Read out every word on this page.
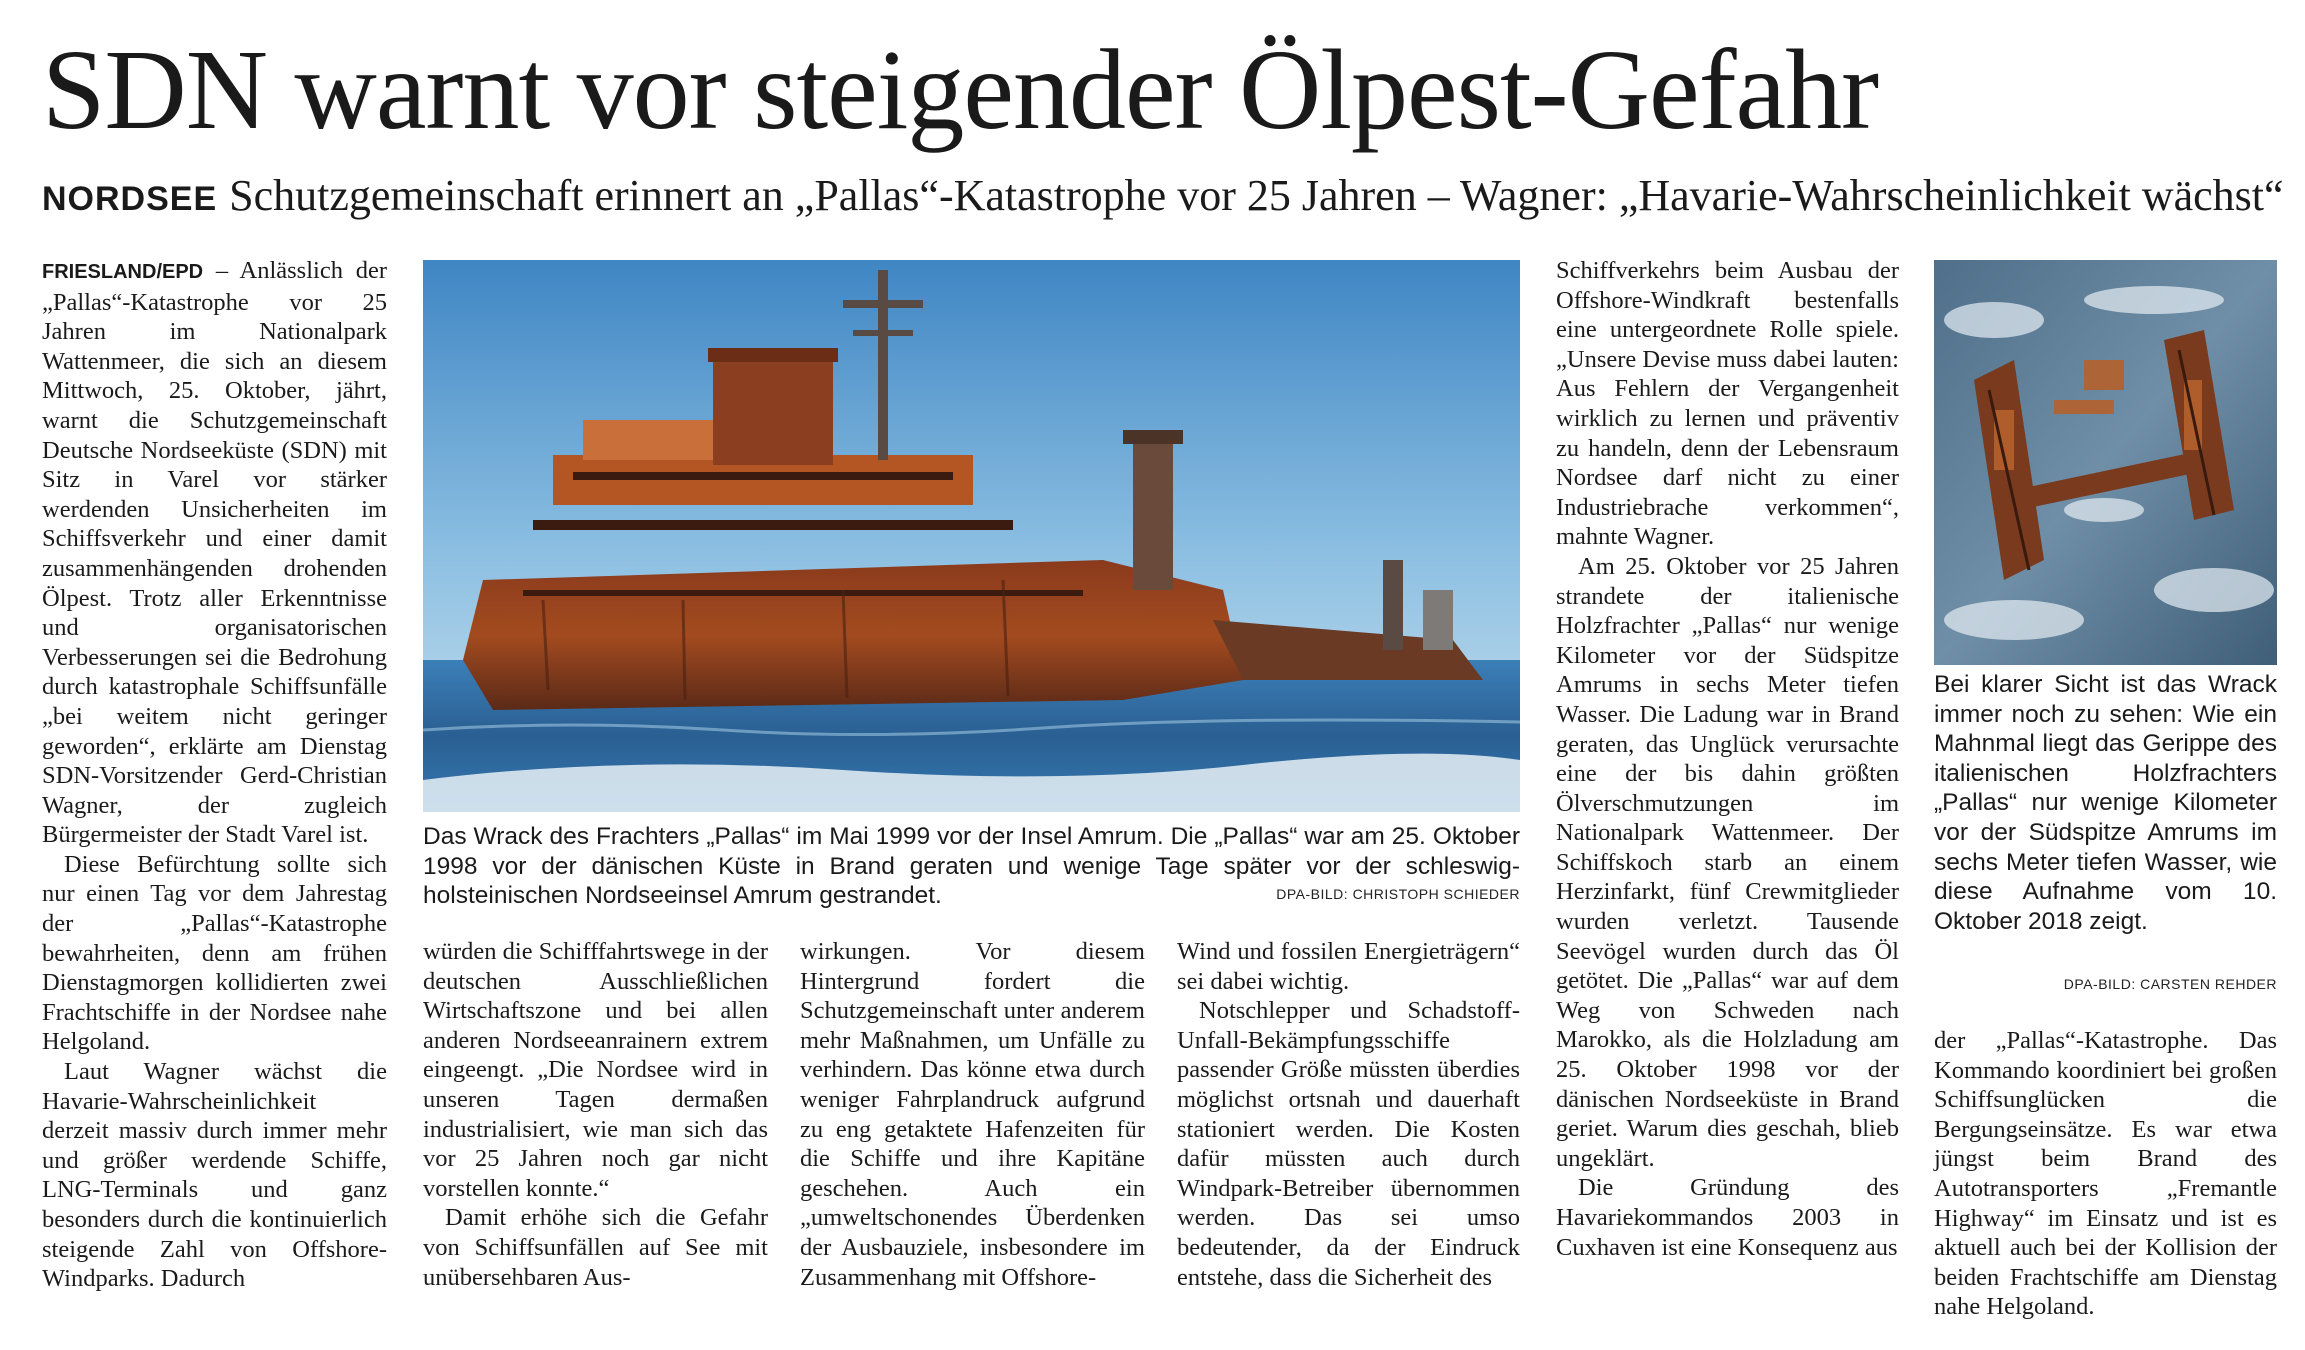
SDN warnt vor steigender Ölpest-Gefahr
NORDSEE Schutzgemeinschaft erinnert an „Pallas“-Katastrophe vor 25 Jahren – Wagner: „Havarie-Wahrscheinlichkeit wächst“

FRIESLAND/EPD – Anlässlich der „Pallas“-Katastrophe vor 25 Jahren im Nationalpark Wattenmeer, die sich an diesem Mittwoch, 25. Oktober, jährt, warnt die Schutzgemeinschaft Deutsche Nordseeküste (SDN) mit Sitz in Varel vor stärker werdenden Unsicherheiten im Schiffsverkehr und einer damit zusammenhängenden drohenden Ölpest. Trotz aller Erkenntnisse und organisatorischen Verbesserungen sei die Bedrohung durch katastrophale Schiffsunfälle „bei weitem nicht geringer geworden“, erklärte am Dienstag SDN-Vorsitzender Gerd-Christian Wagner, der zugleich Bürgermeister der Stadt Varel ist.

Diese Befürchtung sollte sich nur einen Tag vor dem Jahrestag der „Pallas“-Katastrophe bewahrheiten, denn am frühen Dienstagmorgen kollidierten zwei Frachtschiffe in der Nordsee nahe Helgoland.

Laut Wagner wächst die Havarie-Wahrscheinlichkeit derzeit massiv durch immer mehr und größer werdende Schiffe, LNG-Terminals und ganz besonders durch die kontinuierlich steigende Zahl von Offshore-Windparks. Dadurch

Das Wrack des Frachters „Pallas“ im Mai 1999 vor der Insel Amrum. Die „Pallas“ war am 25. Oktober 1998 vor der dänischen Küste in Brand geraten und wenige Tage später vor der schleswig-holsteinischen Nordseeinsel Amrum gestrandet.	DPA-BILD: CHRISTOPH SCHIEDER

würden die Schifffahrtswege in der deutschen Ausschließlichen Wirtschaftszone und bei allen anderen Nordseeanrainern extrem eingeengt. „Die Nordsee wird in unseren Tagen dermaßen industrialisiert, wie man sich das vor 25 Jahren noch gar nicht vorstellen konnte.“

Damit erhöhe sich die Gefahr von Schiffsunfällen auf See mit unübersehbaren Aus-

wirkungen. Vor diesem Hintergrund fordert die Schutzgemeinschaft unter anderem mehr Maßnahmen, um Unfälle zu verhindern. Das könne etwa durch weniger Fahrplandruck aufgrund zu eng getaktete Hafenzeiten für die Schiffe und ihre Kapitäne geschehen. Auch ein „umweltschonendes Überdenken der Ausbauziele, insbesondere im Zusammenhang mit Offshore-

Wind und fossilen Energieträgern“ sei dabei wichtig.

Notschlepper und Schadstoff-Unfall-Bekämpfungsschiffe passender Größe müssten überdies möglichst ortsnah und dauerhaft stationiert werden. Die Kosten dafür müssten auch durch Windpark-Betreiber übernommen werden. Das sei umso bedeutender, da der Eindruck entstehe, dass die Sicherheit des

Schiffverkehrs beim Ausbau der Offshore-Windkraft bestenfalls eine untergeordnete Rolle spiele. „Unsere Devise muss dabei lauten: Aus Fehlern der Vergangenheit wirklich zu lernen und präventiv zu handeln, denn der Lebensraum Nordsee darf nicht zu einer Industriebrache verkommen“, mahnte Wagner.

Am 25. Oktober vor 25 Jahren strandete der italienische Holzfrachter „Pallas“ nur wenige Kilometer vor der Südspitze Amrums in sechs Meter tiefen Wasser. Die Ladung war in Brand geraten, das Unglück verursachte eine der bis dahin größten Ölverschmutzungen im Nationalpark Wattenmeer. Der Schiffskoch starb an einem Herzinfarkt, fünf Crewmitglieder wurden verletzt. Tausende Seevögel wurden durch das Öl getötet. Die „Pallas“ war auf dem Weg von Schweden nach Marokko, als die Holzladung am 25. Oktober 1998 vor der dänischen Nordseeküste in Brand geriet. Warum dies geschah, blieb ungeklärt.

Die Gründung des Havariekommandos 2003 in Cuxhaven ist eine Konsequenz aus

Bei klarer Sicht ist das Wrack immer noch zu sehen: Wie ein Mahnmal liegt das Gerippe des italienischen Holzfrachters „Pallas“ nur wenige Kilometer vor der Südspitze Amrums im sechs Meter tiefen Wasser, wie diese Aufnahme vom 10. Oktober 2018 zeigt.
DPA-BILD: CARSTEN REHDER

der „Pallas“-Katastrophe. Das Kommando koordiniert bei großen Schiffsunglücken die Bergungseinsätze. Es war etwa jüngst beim Brand des Autotransporters „Fremantle Highway“ im Einsatz und ist es aktuell auch bei der Kollision der beiden Frachtschiffe am Dienstag nahe Helgoland.
